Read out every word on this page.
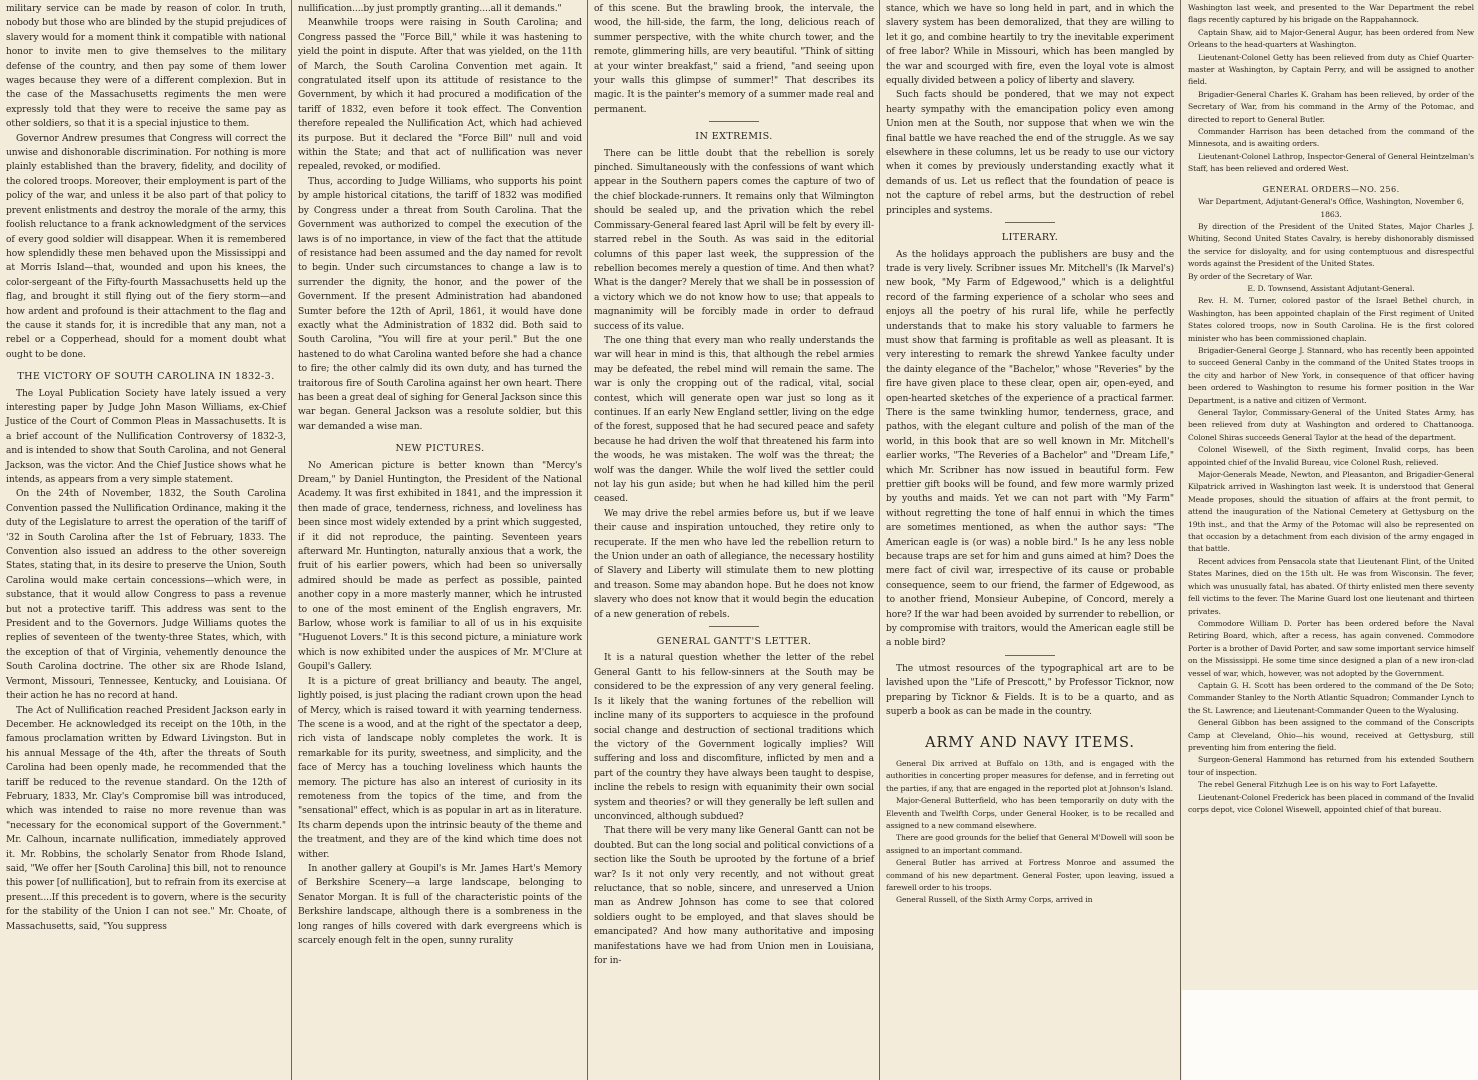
military service can be made by reason of color. In truth, nobody but those who are blinded by the stupid prejudices of slavery would for a moment think it compatible with national honor to invite men to give themselves to the military defense of the country, and then pay some of them lower wages because they were of a different complexion. But in the case of the Massachusetts regiments the men were expressly told that they were to receive the same pay as other soldiers, so that it is a special injustice to them.

Governor Andrew presumes that Congress will correct the unwise and dishonorable discrimination. For nothing is more plainly established than the bravery, fidelity, and docility of the colored troops. Moreover, their employment is part of the policy of the war, and unless it be also part of that policy to prevent enlistments and destroy the morale of the army, this foolish reluctance to a frank acknowledgment of the services of every good soldier will disappear. When it is remembered how splendidly these men behaved upon the Mississippi and at Morris Island—that, wounded and upon his knees, the color-sergeant of the Fifty-fourth Massachusetts held up the flag, and brought it still flying out of the fiery storm—and how ardent and profound is their attachment to the flag and the cause it stands for, it is incredible that any man, not a rebel or a Copperhead, should for a moment doubt what ought to be done.

THE VICTORY OF SOUTH CAROLINA IN 1832-3.

The Loyal Publication Society have lately issued a very interesting paper by Judge John Mason Williams, ex-Chief Justice of the Court of Common Pleas in Massachusetts. It is a brief account of the Nullification Controversy of 1832-3, and is intended to show that South Carolina, and not General Jackson, was the victor. And the Chief Justice shows what he intends, as appears from a very simple statement.

On the 24th of November, 1832, the South Carolina Convention passed the Nullification Ordinance, making it the duty of the Legislature to arrest the operation of the tariff of '32 in South Carolina after the 1st of February, 1833. The Convention also issued an address to the other sovereign States, stating that, in its desire to preserve the Union, South Carolina would make certain concessions—which were, in substance, that it would allow Congress to pass a revenue but not a protective tariff. This address was sent to the President and to the Governors. Judge Williams quotes the replies of seventeen of the twenty-three States, which, with the exception of that of Virginia, vehemently denounce the South Carolina doctrine. The other six are Rhode Island, Vermont, Missouri, Tennessee, Kentucky, and Louisiana. Of their action he has no record at hand.

The Act of Nullification reached President Jackson early in December. He acknowledged its receipt on the 10th, in the famous proclamation written by Edward Livingston. But in his annual Message of the 4th, after the threats of South Carolina had been openly made, he recommended that the tariff be reduced to the revenue standard. On the 12th of February, 1833, Mr. Clay's Compromise bill was introduced, which was intended to raise no more revenue than was "necessary for the economical support of the Government." Mr. Calhoun, incarnate nullification, immediately approved it. Mr. Robbins, the scholarly Senator from Rhode Island, said, "We offer her [South Carolina] this bill, not to renounce this power [of nullification], but to refrain from its exercise at present....If this precedent is to govern, where is the security for the stability of the Union I can not see." Mr. Choate, of Massachusetts, said, "You suppress

nullification....by just promptly granting....all it demands."

Meanwhile troops were raising in South Carolina; and Congress passed the "Force Bill," while it was hastening to yield the point in dispute. After that was yielded, on the 11th of March, the South Carolina Convention met again. It congratulated itself upon its attitude of resistance to the Government, by which it had procured a modification of the tariff of 1832, even before it took effect. The Convention therefore repealed the Nullification Act, which had achieved its purpose. But it declared the "Force Bill" null and void within the State; and that act of nullification was never repealed, revoked, or modified.

Thus, according to Judge Williams, who supports his point by ample historical citations, the tariff of 1832 was modified by Congress under a threat from South Carolina. That the Government was authorized to compel the execution of the laws is of no importance, in view of the fact that the attitude of resistance had been assumed and the day named for revolt to begin. Under such circumstances to change a law is to surrender the dignity, the honor, and the power of the Government. If the present Administration had abandoned Sumter before the 12th of April, 1861, it would have done exactly what the Administration of 1832 did. Both said to South Carolina, "You will fire at your peril." But the one hastened to do what Carolina wanted before she had a chance to fire; the other calmly did its own duty, and has turned the traitorous fire of South Carolina against her own heart. There has been a great deal of sighing for General Jackson since this war began. General Jackson was a resolute soldier, but this war demanded a wise man.

NEW PICTURES.

No American picture is better known than "Mercy's Dream," by Daniel Huntington, the President of the National Academy. It was first exhibited in 1841, and the impression it then made of grace, tenderness, richness, and loveliness has been since most widely extended by a print which suggested, if it did not reproduce, the painting. Seventeen years afterward Mr. Huntington, naturally anxious that a work, the fruit of his earlier powers, which had been so universally admired should be made as perfect as possible, painted another copy in a more masterly manner, which he intrusted to one of the most eminent of the English engravers, Mr. Barlow, whose work is familiar to all of us in his exquisite "Huguenot Lovers." It is this second picture, a miniature work which is now exhibited under the auspices of Mr. M'Clure at Goupil's Gallery.

It is a picture of great brilliancy and beauty. The angel, lightly poised, is just placing the radiant crown upon the head of Mercy, which is raised toward it with yearning tenderness. The scene is a wood, and at the right of the spectator a deep, rich vista of landscape nobly completes the work. It is remarkable for its purity, sweetness, and simplicity, and the face of Mercy has a touching loveliness which haunts the memory. The picture has also an interest of curiosity in its remoteness from the topics of the time, and from the "sensational" effect, which is as popular in art as in literature. Its charm depends upon the intrinsic beauty of the theme and the treatment, and they are of the kind which time does not wither.

In another gallery at Goupil's is Mr. James Hart's Memory of Berkshire Scenery—a large landscape, belonging to Senator Morgan. It is full of the characteristic points of the Berkshire landscape, although there is a sombreness in the long ranges of hills covered with dark evergreens which is scarcely enough felt in the open, sunny rurality

of this scene. But the brawling brook, the intervale, the wood, the hill-side, the farm, the long, delicious reach of summer perspective, with the white church tower, and the remote, glimmering hills, are very beautiful. "Think of sitting at your winter breakfast," said a friend, "and seeing upon your walls this glimpse of summer!" That describes its magic. It is the painter's memory of a summer made real and permanent.

IN EXTREMIS.

There can be little doubt that the rebellion is sorely pinched. Simultaneously with the confessions of want which appear in the Southern papers comes the capture of two of the chief blockade-runners. It remains only that Wilmington should be sealed up, and the privation which the rebel Commissary-General feared last April will be felt by every ill-starred rebel in the South. As was said in the editorial columns of this paper last week, the suppression of the rebellion becomes merely a question of time. And then what? What is the danger? Merely that we shall be in possession of a victory which we do not know how to use; that appeals to magnanimity will be forcibly made in order to defraud success of its value.

The one thing that every man who really understands the war will hear in mind is this, that although the rebel armies may be defeated, the rebel mind will remain the same. The war is only the cropping out of the radical, vital, social contest, which will generate open war just so long as it continues. If an early New England settler, living on the edge of the forest, supposed that he had secured peace and safety because he had driven the wolf that threatened his farm into the woods, he was mistaken. The wolf was the threat; the wolf was the danger. While the wolf lived the settler could not lay his gun aside; but when he had killed him the peril ceased.

We may drive the rebel armies before us, but if we leave their cause and inspiration untouched, they retire only to recuperate. If the men who have led the rebellion return to the Union under an oath of allegiance, the necessary hostility of Slavery and Liberty will stimulate them to new plotting and treason. Some may abandon hope. But he does not know slavery who does not know that it would begin the education of a new generation of rebels.

GENERAL GANTT'S LETTER.

It is a natural question whether the letter of the rebel General Gantt to his fellow-sinners at the South may be considered to be the expression of any very general feeling. Is it likely that the waning fortunes of the rebellion will incline many of its supporters to acquiesce in the profound social change and destruction of sectional traditions which the victory of the Government logically implies? Will suffering and loss and discomfiture, inflicted by men and a part of the country they have always been taught to despise, incline the rebels to resign with equanimity their own social system and theories? or will they generally be left sullen and unconvinced, although subdued?

That there will be very many like General Gantt can not be doubted. But can the long social and political convictions of a section like the South be uprooted by the fortune of a brief war? Is it not only very recently, and not without great reluctance, that so noble, sincere, and unreserved a Union man as Andrew Johnson has come to see that colored soldiers ought to be employed, and that slaves should be emancipated? And how many authoritative and imposing manifestations have we had from Union men in Louisiana, for in-

stance, which we have so long held in part, and in which the slavery system has been demoralized, that they are willing to let it go, and combine heartily to try the inevitable experiment of free labor? While in Missouri, which has been mangled by the war and scourged with fire, even the loyal vote is almost equally divided between a policy of liberty and slavery.

Such facts should be pondered, that we may not expect hearty sympathy with the emancipation policy even among Union men at the South, nor suppose that when we win the final battle we have reached the end of the struggle. As we say elsewhere in these columns, let us be ready to use our victory when it comes by previously understanding exactly what it demands of us. Let us reflect that the foundation of peace is not the capture of rebel arms, but the destruction of rebel principles and systems.

LITERARY.

As the holidays approach the publishers are busy and the trade is very lively. Scribner issues Mr. Mitchell's (Ik Marvel's) new book, "My Farm of Edgewood," which is a delightful record of the farming experience of a scholar who sees and enjoys all the poetry of his rural life, while he perfectly understands that to make his story valuable to farmers he must show that farming is profitable as well as pleasant. It is very interesting to remark the shrewd Yankee faculty under the dainty elegance of the "Bachelor," whose "Reveries" by the fire have given place to these clear, open air, open-eyed, and open-hearted sketches of the experience of a practical farmer. There is the same twinkling humor, tenderness, grace, and pathos, with the elegant culture and polish of the man of the world, in this book that are so well known in Mr. Mitchell's earlier works, "The Reveries of a Bachelor" and "Dream Life," which Mr. Scribner has now issued in beautiful form. Few prettier gift books will be found, and few more warmly prized by youths and maids. Yet we can not part with "My Farm" without regretting the tone of half ennui in which the times are sometimes mentioned, as when the author says: "The American eagle is (or was) a noble bird." Is he any less noble because traps are set for him and guns aimed at him? Does the mere fact of civil war, irrespective of its cause or probable consequence, seem to our friend, the farmer of Edgewood, as to another friend, Monsieur Aubepine, of Concord, merely a hore? If the war had been avoided by surrender to rebellion, or by compromise with traitors, would the American eagle still be a noble bird?

The utmost resources of the typographical art are to be lavished upon the "Life of Prescott," by Professor Ticknor, now preparing by Ticknor & Fields. It is to be a quarto, and as superb a book as can be made in the country.

ARMY AND NAVY ITEMS.

General Dix arrived at Buffalo on 13th, and is engaged with the authorities in concerting proper measures for defense, and in ferreting out the parties, if any, that are engaged in the reported plot at Johnson's Island.

Major-General Butterfield, who has been temporarily on duty with the Eleventh and Twelfth Corps, under General Hooker, is to be recalled and assigned to a new command elsewhere.

There are good grounds for the belief that General M'Dowell will soon be assigned to an important command.

General Butler has arrived at Fortress Monroe and assumed the command of his new department. General Foster, upon leaving, issued a farewell order to his troops.

General Russell, of the Sixth Army Corps, arrived in

Washington last week, and presented to the War Department the rebel flags recently captured by his brigade on the Rappahannock.

Captain Shaw, aid to Major-General Augur, has been ordered from New Orleans to the head-quarters at Washington.

Lieutenant-Colonel Getty has been relieved from duty as Chief Quarter-master at Washington, by Captain Perry, and will be assigned to another field.

Brigadier-General Charles K. Graham has been relieved, by order of the Secretary of War, from his command in the Army of the Potomac, and directed to report to General Butler.

Commander Harrison has been detached from the command of the Minnesota, and is awaiting orders.

Lieutenant-Colonel Lathrop, Inspector-General of General Heintzelman's Staff, has been relieved and ordered West.

GENERAL ORDERS—NO. 256.

War Department, Adjutant-General's Office, Washington, November 6, 1863.

By direction of the President of the United States, Major Charles J. Whiting, Second United States Cavalry, is hereby dishonorably dismissed the service for disloyalty, and for using contemptuous and disrespectful words against the President of the United States.

By order of the Secretary of War.

E. D. Townsend, Assistant Adjutant-General.

Rev. H. M. Turner, colored pastor of the Israel Bethel church, in Washington, has been appointed chaplain of the First regiment of United States colored troops, now in South Carolina. He is the first colored minister who has been commissioned chaplain.

Brigadier-General George J. Stannard, who has recently been appointed to succeed General Canby in the command of the United States troops in the city and harbor of New York, in consequence of that officer having been ordered to Washington to resume his former position in the War Department, is a native and citizen of Vermont.

General Taylor, Commissary-General of the United States Army, has been relieved from duty at Washington and ordered to Chattanooga. Colonel Shiras succeeds General Taylor at the head of the department.

Colonel Wisewell, of the Sixth regiment, Invalid corps, has been appointed chief of the Invalid Bureau, vice Colonel Rush, relieved.

Major-Generals Meade, Newton, and Pleasanton, and Brigadier-General Kilpatrick arrived in Washington last week. It is understood that General Meade proposes, should the situation of affairs at the front permit, to attend the inauguration of the National Cemetery at Gettysburg on the 19th inst., and that the Army of the Potomac will also be represented on that occasion by a detachment from each division of the army engaged in that battle.

Recent advices from Pensacola state that Lieutenant Flint, of the United States Marines, died on the 15th ult. He was from Wisconsin. The fever, which was unusually fatal, has abated. Of thirty enlisted men there seventy fell victims to the fever. The Marine Guard lost one lieutenant and thirteen privates.

Commodore William D. Porter has been ordered before the Naval Retiring Board, which, after a recess, has again convened. Commodore Porter is a brother of David Porter, and saw some important service himself on the Mississippi. He some time since designed a plan of a new iron-clad vessel of war, which, however, was not adopted by the Government.

Captain G. H. Scott has been ordered to the command of the De Soto; Commander Stanley to the North Atlantic Squadron; Commander Lynch to the St. Lawrence; and Lieutenant-Commander Queen to the Wyalusing.

General Gibbon has been assigned to the command of the Conscripts Camp at Cleveland, Ohio—his wound, received at Gettysburg, still preventing him from entering the field.

Surgeon-General Hammond has returned from his extended Southern tour of inspection.

The rebel General Fitzhugh Lee is on his way to Fort Lafayette.

Lieutenant-Colonel Frederick has been placed in command of the Invalid corps depot, vice Colonel Wisewell, appointed chief of that bureau.
